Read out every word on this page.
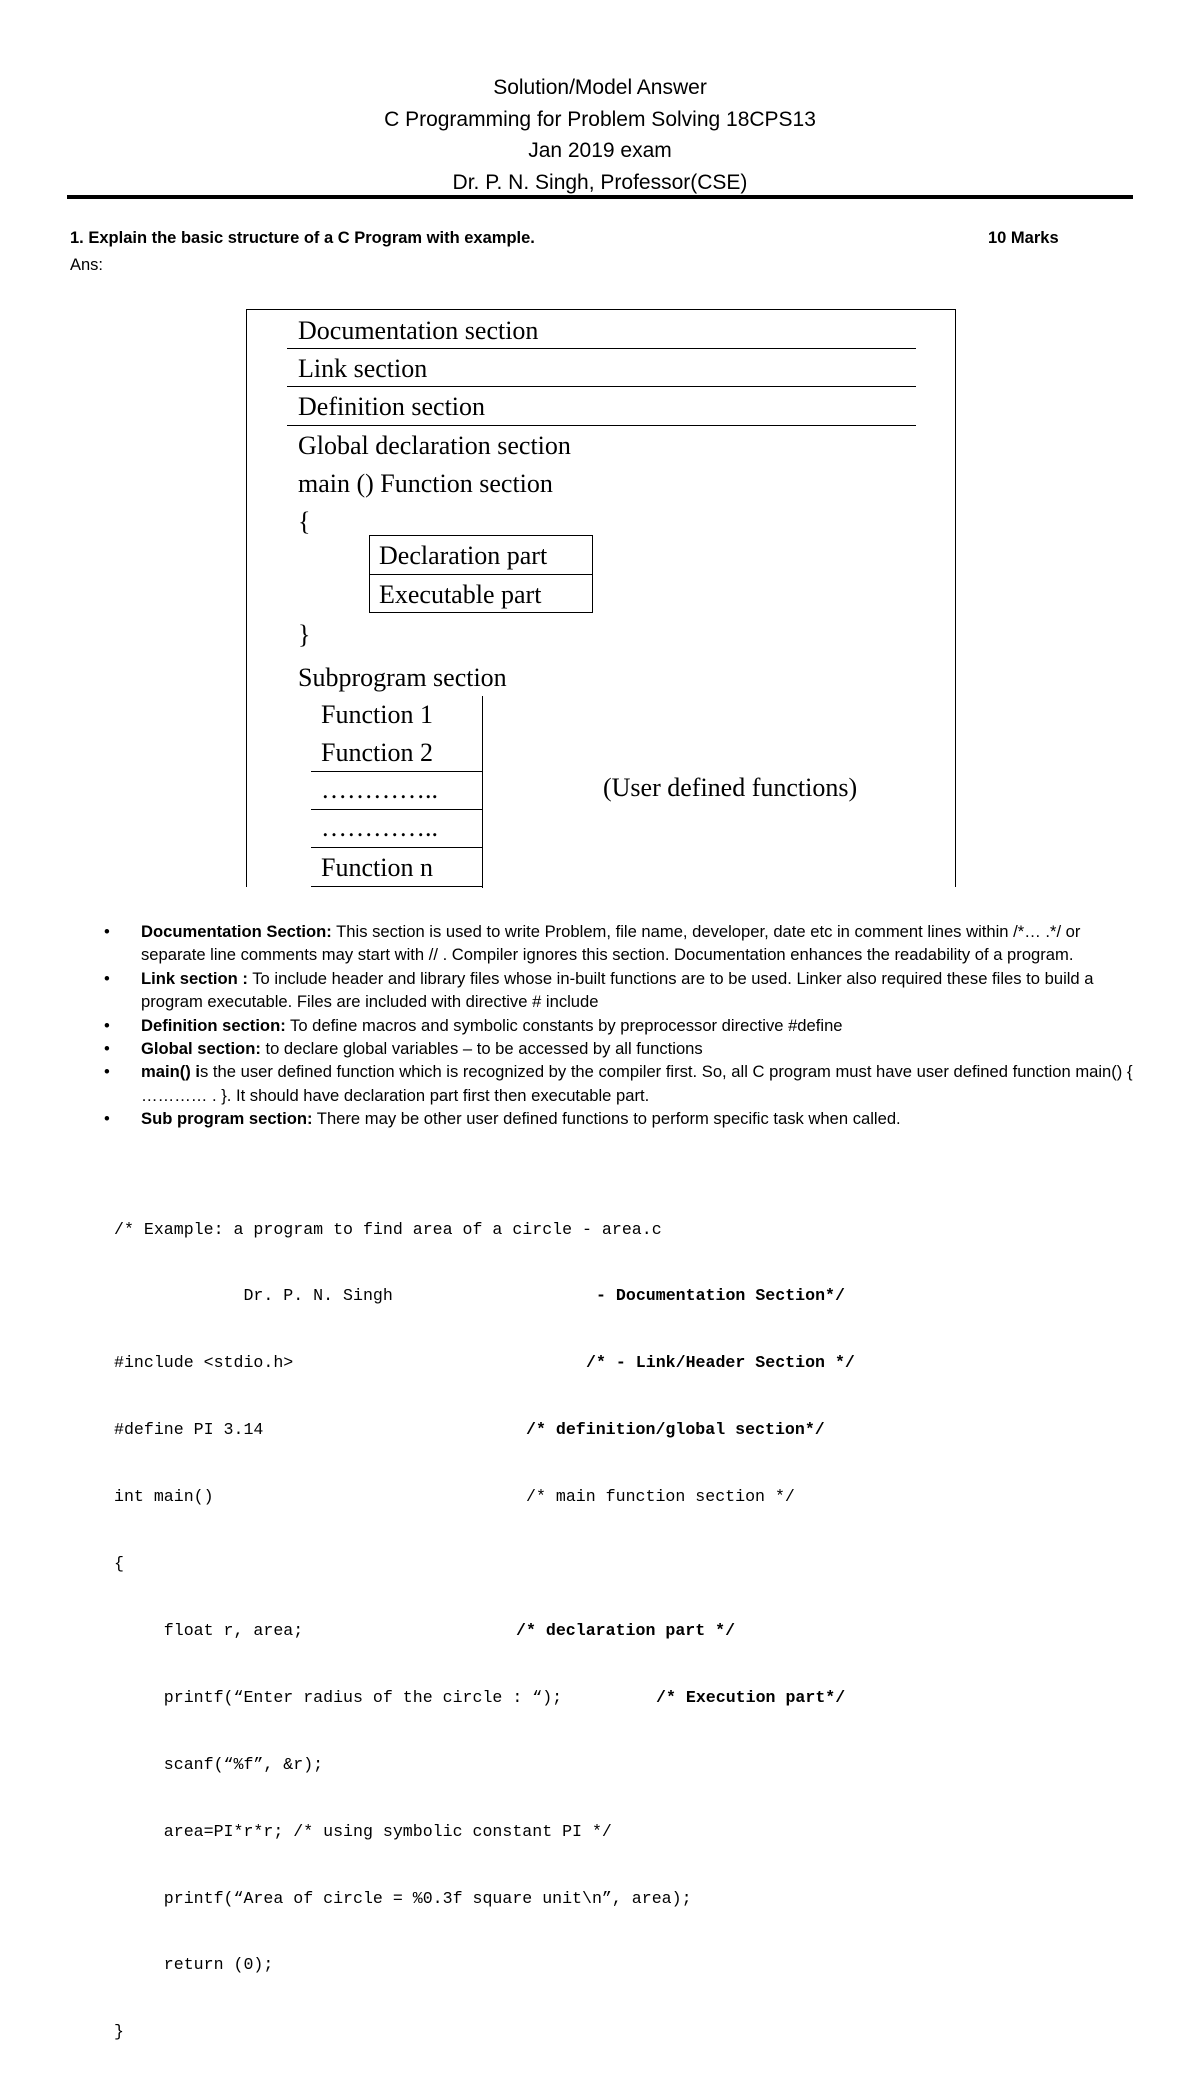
Solution/Model Answer
C Programming for Problem Solving 18CPS13
Jan 2019 exam
Dr. P. N. Singh, Professor(CSE)
1. Explain the basic structure of a C Program with example.	10 Marks
Ans:
Documentation section
Link section
Definition section
Global declaration section
main () Function section
{
Declaration part
Executable part
}
Subprogram section
Function 1
Function 2
…………..
…………..
Function n
(User defined functions)
• Documentation Section: This section is used to write Problem, file name, developer, date etc in comment lines within /*… .*/ or separate line comments may start with // . Compiler ignores this section. Documentation enhances the readability of a program.
• Link section : To include header and library files whose in-built functions are to be used. Linker also required these files to build a program executable. Files are included with directive # include
• Definition section: To define macros and symbolic constants by preprocessor directive #define
• Global section: to declare global variables – to be accessed by all functions
• main() is the user defined function which is recognized by the compiler first. So, all C program must have user defined function main() { ………… . }. It should have declaration part first then executable part.
• Sub program section: There may be other user defined functions to perform specific task when called.

/* Example: a program to find area of a circle - area.c

Dr. P. N. Singh	- Documentation Section*/

#include <stdio.h>	/* - Link/Header Section */

#define PI 3.14	/* definition/global section*/

int main()	/* main function section */

{

float r, area;	/* declaration part */

printf(“Enter radius of the circle : “);	/* Execution part*/

scanf(“%f”, &r);

area=PI*r*r; /* using symbolic constant PI */

printf(“Area of circle = %0.3f square unit\n”, area);

return (0);

}
